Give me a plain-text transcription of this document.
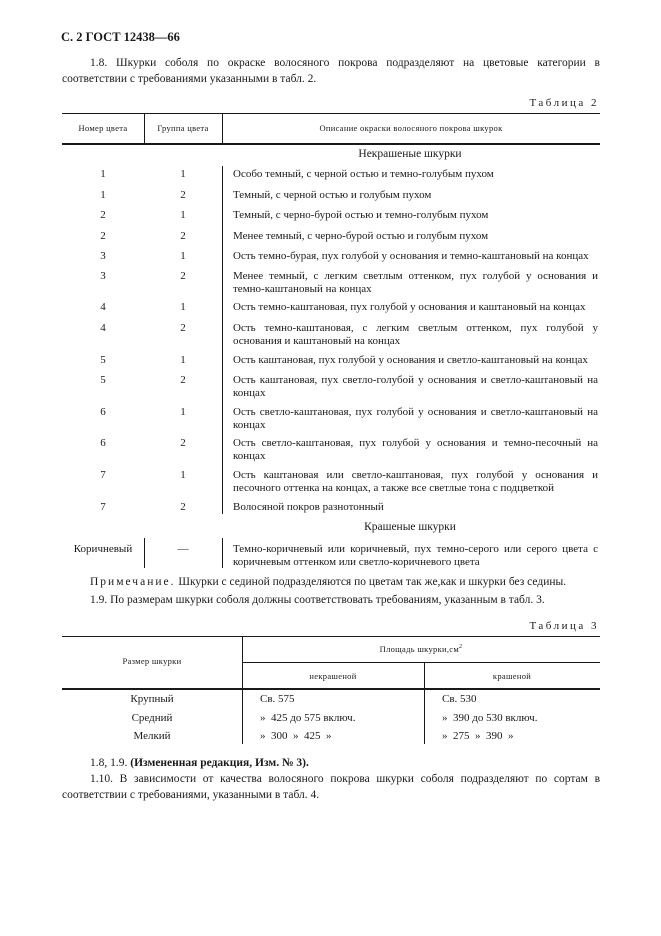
С. 2 ГОСТ 12438—66
1.8. Шкурки соболя по окраске волосяного покрова подразделяют на цветовые категории в соответствии с требованиями указанными в табл. 2.
Таблица 2
Номер цвета	Группа цвета	Описание окраски волосяного покрова шкурок
Некрашеные шкурки
1	1	Особо темный, с черной остью и темно-голубым пухом
1	2	Темный, с черной остью и голубым пухом
2	1	Темный, с черно-бурой остью и темно-голубым пухом
2	2	Менее темный, с черно-бурой остью и голубым пухом
3	1	Ость темно-бурая, пух голубой у основания и темно-каштановый на концах
3	2	Менее темный, с легким светлым оттенком, пух голубой у основания и темно-каштановый на концах
4	1	Ость темно-каштановая, пух голубой у основания и каштановый на концах
4	2	Ость темно-каштановая, с легким светлым оттенком, пух голубой у основания и каштановый на концах
5	1	Ость каштановая, пух голубой у основания и светло-каштановый на концах
5	2	Ость каштановая, пух светло-голубой у основания и светло-каштановый на концах
6	1	Ость светло-каштановая, пух голубой у основания и светло-каштановый на концах
6	2	Ость светло-каштановая, пух голубой у основания и темно-песочный на концах
7	1	Ость каштановая или светло-каштановая, пух голубой у основания и песочного оттенка на концах, а также все светлые тона с подцветкой
7	2	Волосяной покров разнотонный
Крашеные шкурки
Коричневый	—	Темно-коричневый или коричневый, пух темно-серого или серого цвета с коричневым оттенком или светло-коричневого цвета
Примечание. Шкурки с сединой подразделяются по цветам так же,как и шкурки без седины.
1.9. По размерам шкурки соболя должны соответствовать требованиям, указанным в табл. 3.
Таблица 3
Размер шкурки
Площадь $шкурки,см^2$
некрашеной	крашеной
Крупный	Св. 575	Св. 530
Средний	»  425 до 575 включ.	»  390 до 530 включ.
Мелкий	»  300  »  425  »	»  275  »  390  »
1.8, 1.9. (Измененная редакция, Изм. № 3).
1.10. В зависимости от качества волосяного покрова шкурки соболя подразделяют по сортам в соответствии с требованиями, указанными в табл. 4.
